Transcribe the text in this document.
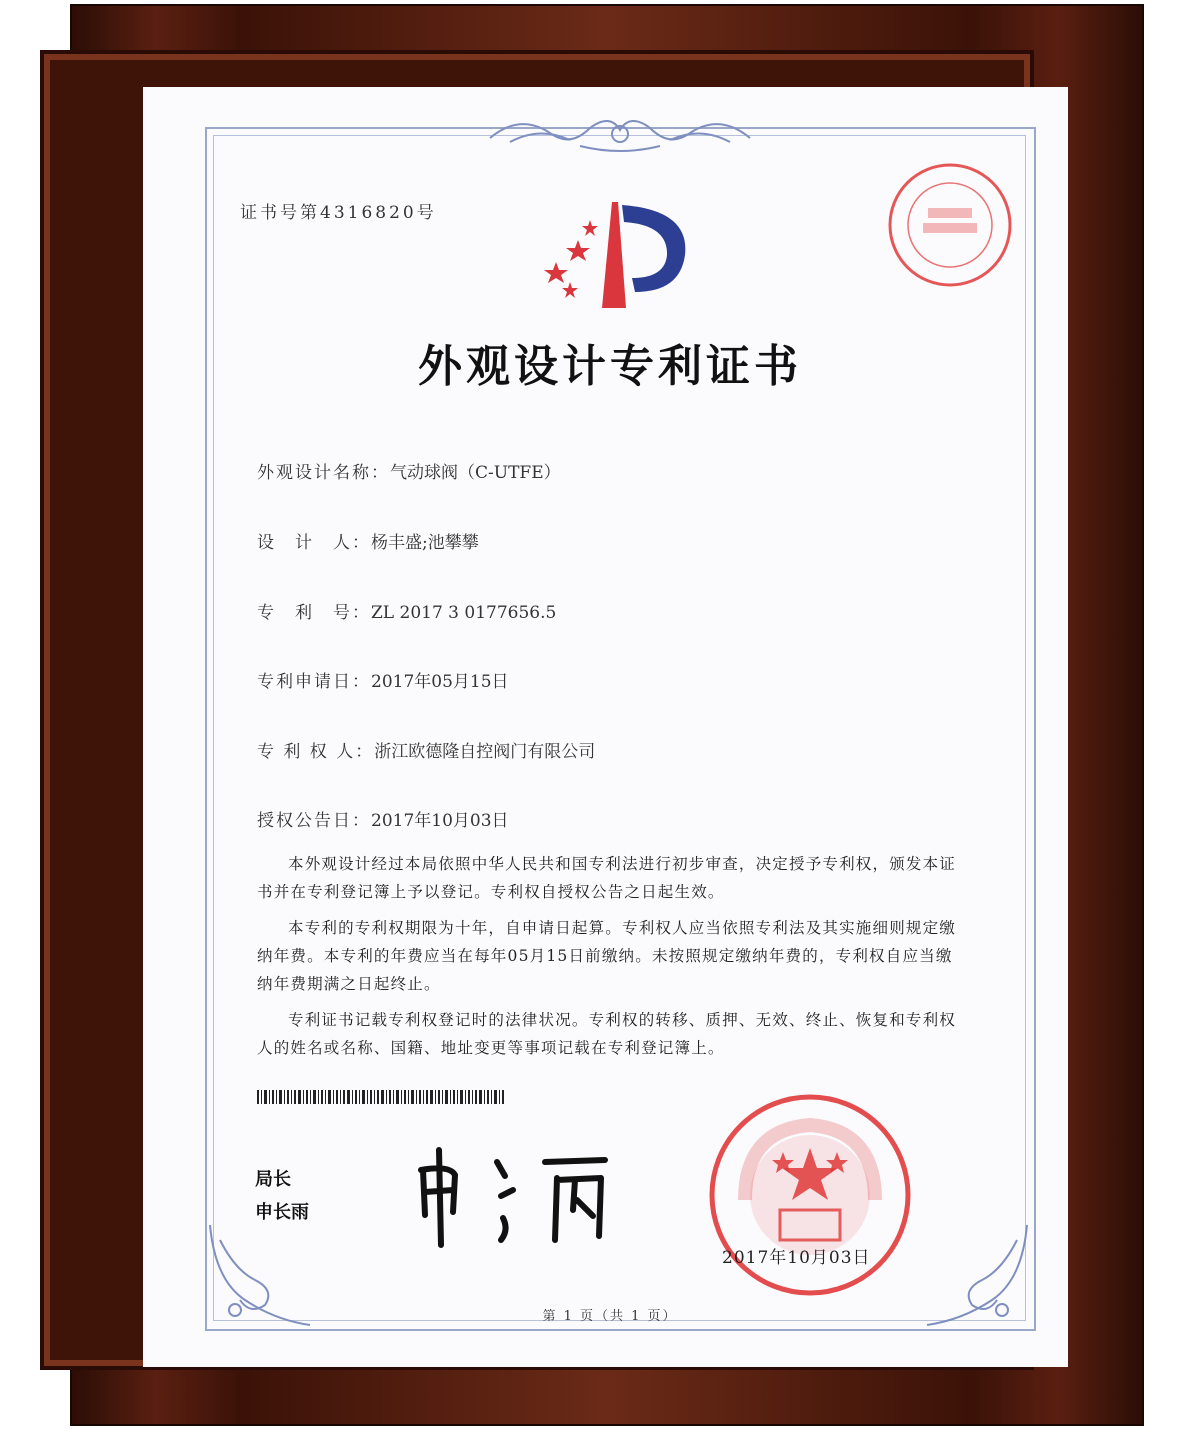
证书号第4316820号
外观设计专利证书
外观设计名称：气动球阀（C-UTFE）
设　计　人：杨丰盛;池攀攀
专　利　号：ZL 2017 3 0177656.5
专利申请日：2017年05月15日
专 利 权 人：浙江欧德隆自控阀门有限公司
授权公告日：2017年10月03日

本外观设计经过本局依照中华人民共和国专利法进行初步审查，决定授予专利权，颁发本证书并在专利登记簿上予以登记。专利权自授权公告之日起生效。

本专利的专利权期限为十年，自申请日起算。专利权人应当依照专利法及其实施细则规定缴纳年费。本专利的年费应当在每年05月15日前缴纳。未按照规定缴纳年费的，专利权自应当缴纳年费期满之日起终止。

专利证书记载专利权登记时的法律状况。专利权的转移、质押、无效、终止、恢复和专利权人的姓名或名称、国籍、地址变更等事项记载在专利登记簿上。

局长
申长雨
2017年10月03日
第 1 页（共 1 页）
